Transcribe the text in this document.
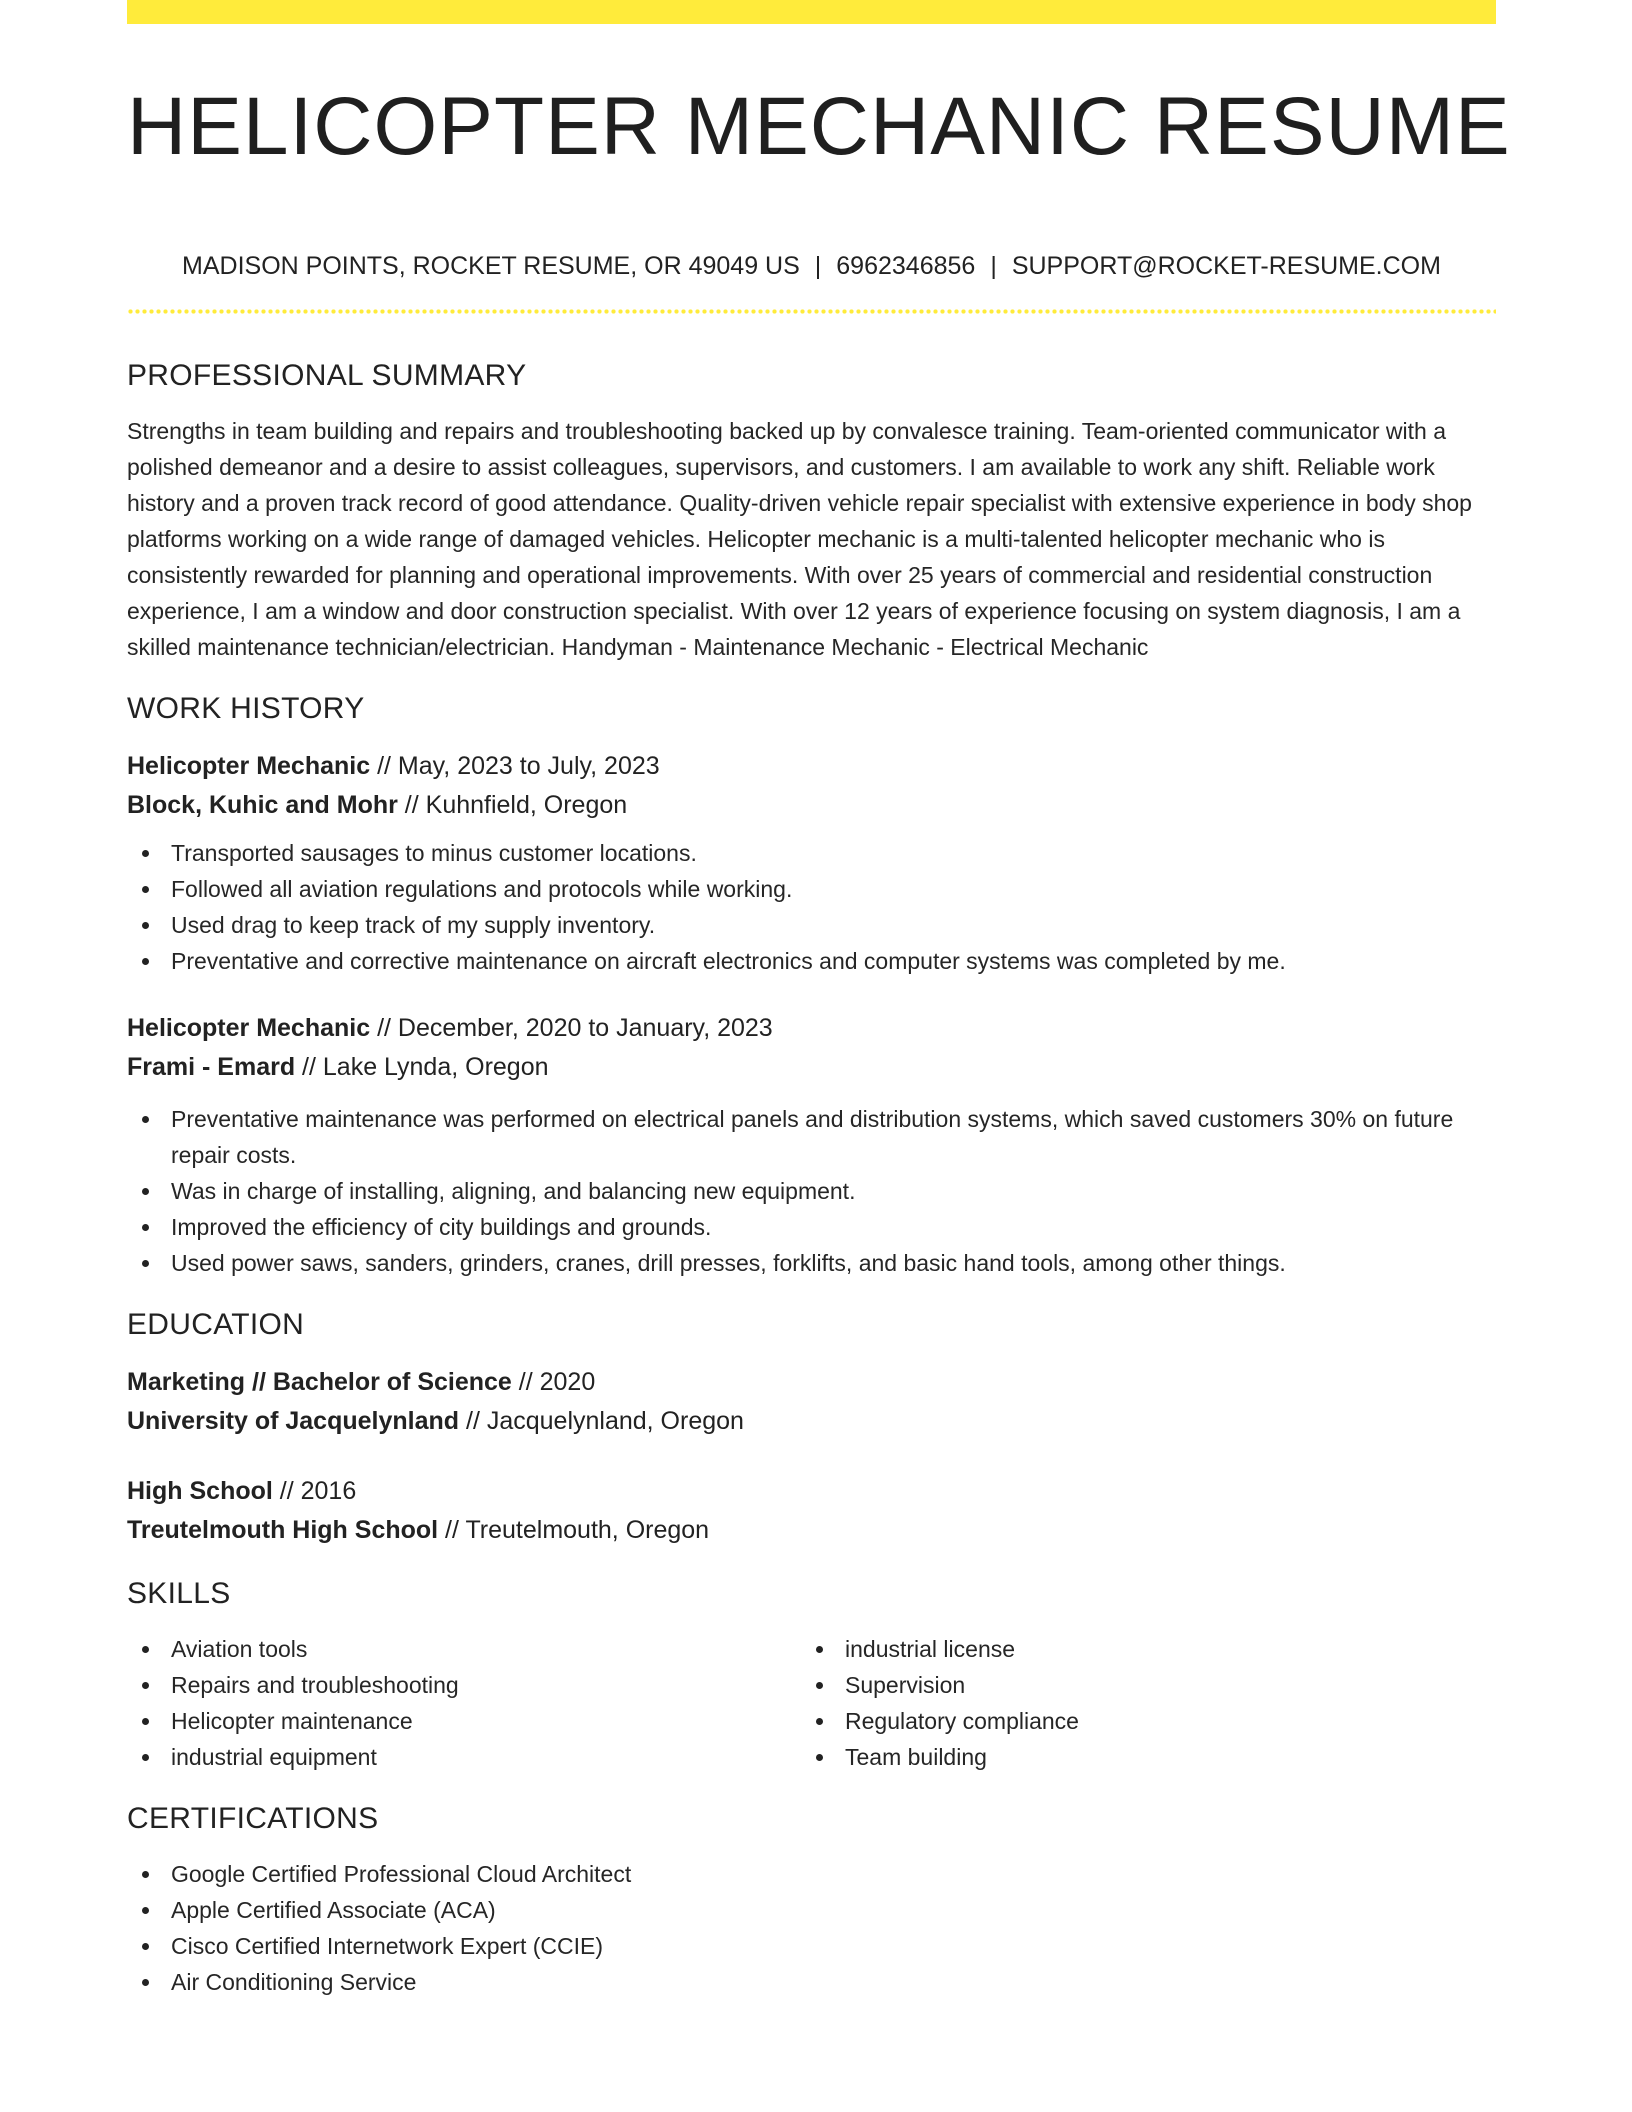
HELICOPTER MECHANIC RESUME
MADISON POINTS, ROCKET RESUME, OR 49049 US | 6962346856 | SUPPORT@ROCKET-RESUME.COM
PROFESSIONAL SUMMARY

Strengths in team building and repairs and troubleshooting backed up by convalesce training. Team-oriented communicator with a polished demeanor and a desire to assist colleagues, supervisors, and customers. I am available to work any shift. Reliable work history and a proven track record of good attendance. Quality-driven vehicle repair specialist with extensive experience in body shop platforms working on a wide range of damaged vehicles. Helicopter mechanic is a multi-talented helicopter mechanic who is consistently rewarded for planning and operational improvements. With over 25 years of commercial and residential construction experience, I am a window and door construction specialist. With over 12 years of experience focusing on system diagnosis, I am a skilled maintenance technician/electrician. Handyman - Maintenance Mechanic - Electrical Mechanic

WORK HISTORY
Helicopter Mechanic // May, 2023 to July, 2023
Block, Kuhic and Mohr // Kuhnfield, Oregon
Transported sausages to minus customer locations.
Followed all aviation regulations and protocols while working.
Used drag to keep track of my supply inventory.
Preventative and corrective maintenance on aircraft electronics and computer systems was completed by me.
Helicopter Mechanic // December, 2020 to January, 2023
Frami - Emard // Lake Lynda, Oregon
Preventative maintenance was performed on electrical panels and distribution systems, which saved customers 30% on future repair costs.
Was in charge of installing, aligning, and balancing new equipment.
Improved the efficiency of city buildings and grounds.
Used power saws, sanders, grinders, cranes, drill presses, forklifts, and basic hand tools, among other things.
EDUCATION
Marketing // Bachelor of Science // 2020
University of Jacquelynland // Jacquelynland, Oregon
High School // 2016
Treutelmouth High School // Treutelmouth, Oregon
SKILLS
Aviation tools
Repairs and troubleshooting
Helicopter maintenance
industrial equipment
industrial license
Supervision
Regulatory compliance
Team building
CERTIFICATIONS
Google Certified Professional Cloud Architect
Apple Certified Associate (ACA)
Cisco Certified Internetwork Expert (CCIE)
Air Conditioning Service
